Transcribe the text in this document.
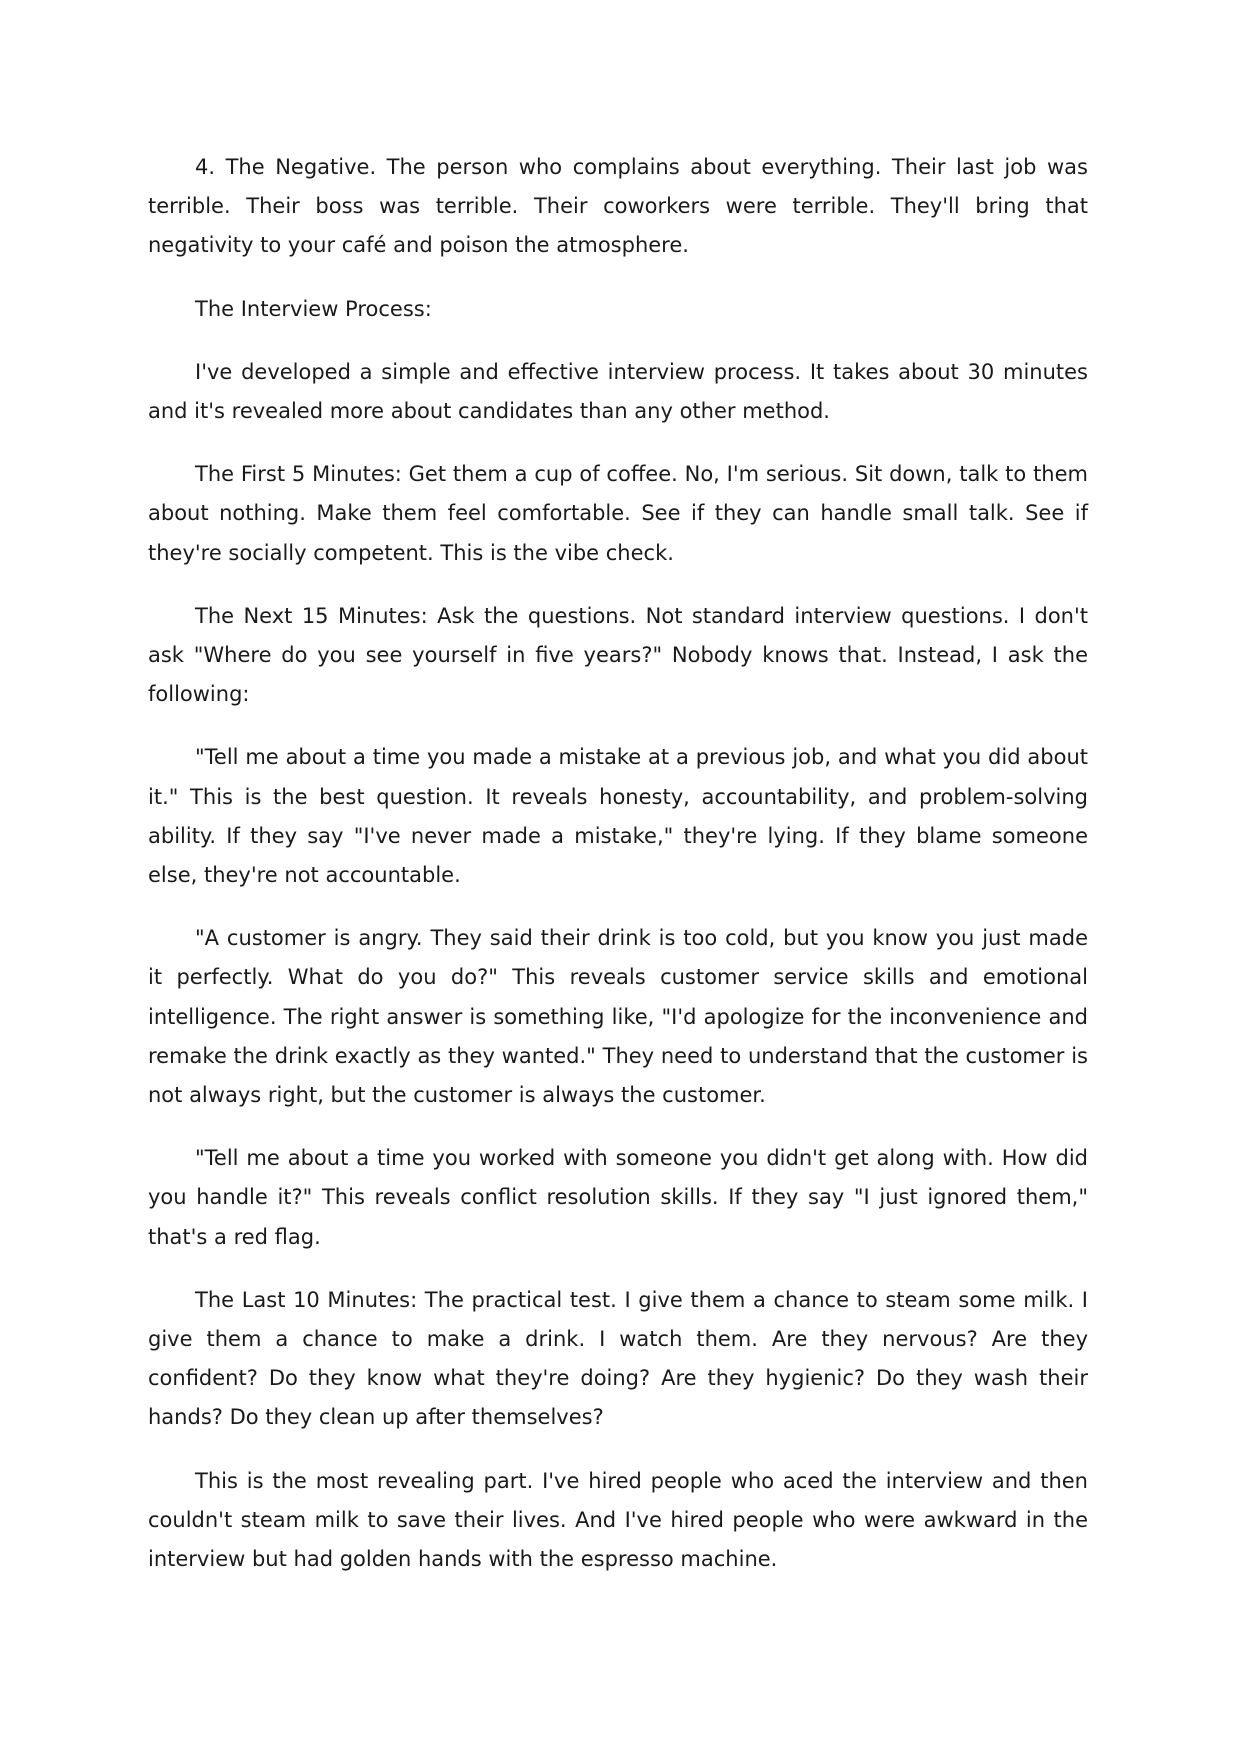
4. The Negative. The person who complains about everything. Their last job was terrible. Their boss was terrible. Their coworkers were terrible. They'll bring that negativity to your café and poison the atmosphere.

The Interview Process:

I've developed a simple and effective interview process. It takes about 30 minutes and it's revealed more about candidates than any other method.

The First 5 Minutes: Get them a cup of coffee. No, I'm serious. Sit down, talk to them about nothing. Make them feel comfortable. See if they can handle small talk. See if they're socially competent. This is the vibe check.

The Next 15 Minutes: Ask the questions. Not standard interview questions. I don't ask "Where do you see yourself in five years?" Nobody knows that. Instead, I ask the following:

"Tell me about a time you made a mistake at a previous job, and what you did about it." This is the best question. It reveals honesty, accountability, and problem-solving ability. If they say "I've never made a mistake," they're lying. If they blame someone else, they're not accountable.

"A customer is angry. They said their drink is too cold, but you know you just made it perfectly. What do you do?" This reveals customer service skills and emotional intelligence. The right answer is something like, "I'd apologize for the inconvenience and remake the drink exactly as they wanted." They need to understand that the customer is not always right, but the customer is always the customer.

"Tell me about a time you worked with someone you didn't get along with. How did you handle it?" This reveals conflict resolution skills. If they say "I just ignored them," that's a red flag.

The Last 10 Minutes: The practical test. I give them a chance to steam some milk. I give them a chance to make a drink. I watch them. Are they nervous? Are they confident? Do they know what they're doing? Are they hygienic? Do they wash their hands? Do they clean up after themselves?

This is the most revealing part. I've hired people who aced the interview and then couldn't steam milk to save their lives. And I've hired people who were awkward in the interview but had golden hands with the espresso machine.
